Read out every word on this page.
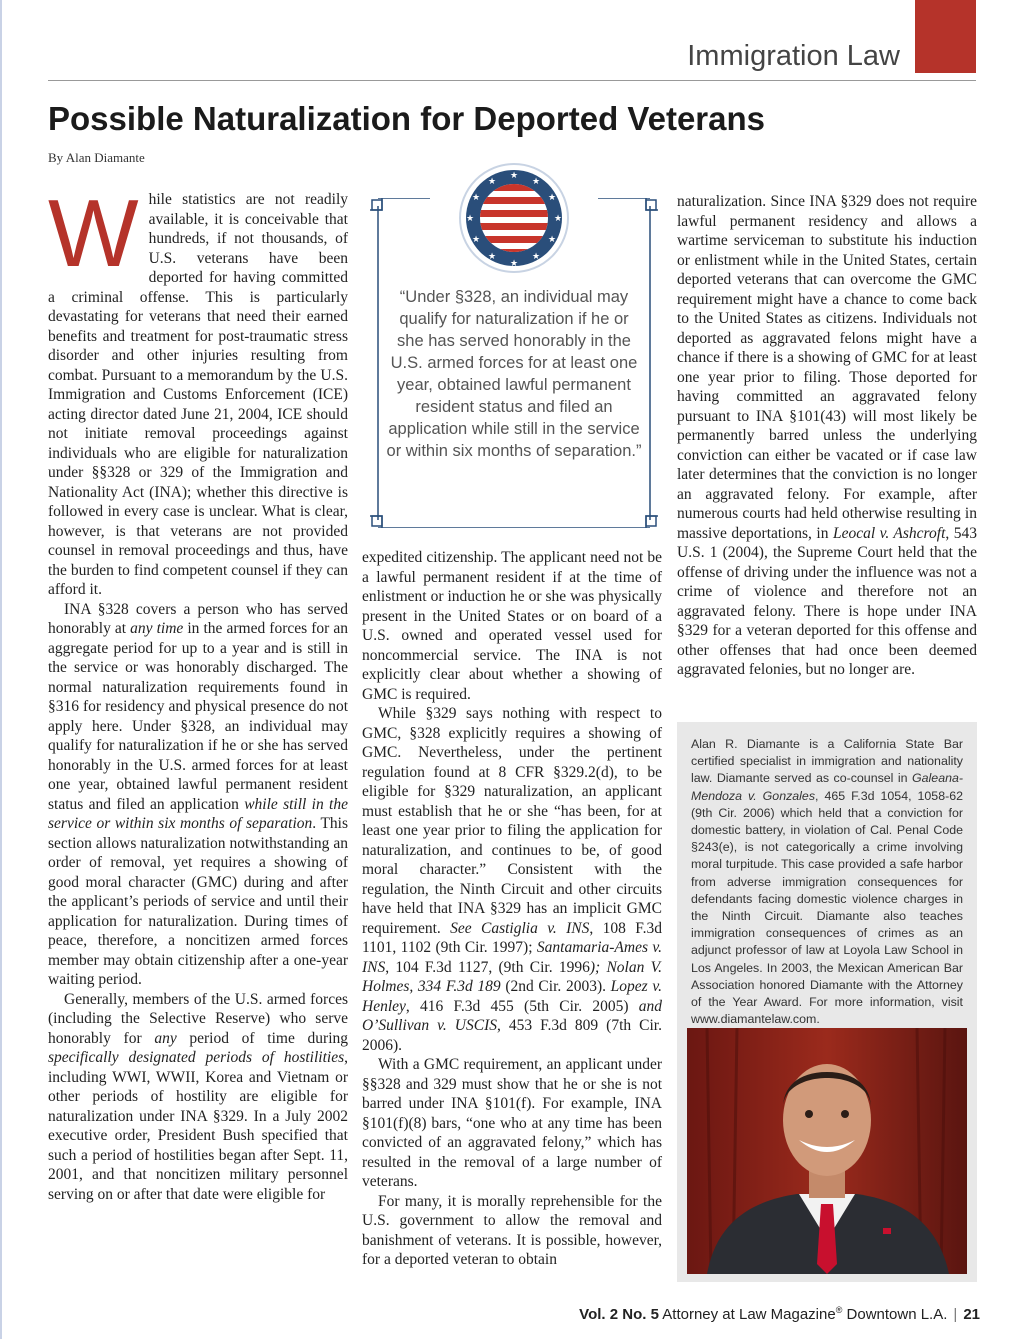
Immigration Law
Possible Naturalization for Deported Veterans
By Alan Diamante

While statistics are not readily available, it is conceivable that hundreds, if not thousands, of U.S. veterans have been deported for having committed a criminal offense. This is particularly devastating for veterans that need their earned benefits and treatment for post-traumatic stress disorder and other injuries resulting from combat. Pursuant to a memorandum by the U.S. Immigration and Customs Enforcement (ICE) acting director dated June 21, 2004, ICE should not initiate removal proceedings against individuals who are eligible for naturalization under §§328 or 329 of the Immigration and Nationality Act (INA); whether this directive is followed in every case is unclear. What is clear, however, is that veterans are not provided counsel in removal proceedings and thus, have the burden to find competent counsel if they can afford it.

INA §328 covers a person who has served honorably at any time in the armed forces for an aggregate period for up to a year and is still in the service or was honorably discharged. The normal naturalization requirements found in §316 for residency and physical presence do not apply here. Under §328, an individual may qualify for naturalization if he or she has served honorably in the U.S. armed forces for at least one year, obtained lawful permanent resident status and filed an application while still in the service or within six months of separation. This section allows naturalization notwithstanding an order of removal, yet requires a showing of good moral character (GMC) during and after the applicant’s periods of service and until their application for naturalization. During times of peace, therefore, a noncitizen armed forces member may obtain citizenship after a one-year waiting period.

Generally, members of the U.S. armed forces (including the Selective Reserve) who serve honorably for any period of time during specifically designated periods of hostilities, including WWI, WWII, Korea and Vietnam or other periods of hostility are eligible for naturalization under INA §329. In a July 2002 executive order, President Bush specified that such a period of hostilities began after Sept. 11, 2001, and that noncitizen military personnel serving on or after that date were eligible for

★
★
★
★
★
★
★
★
★
★
★
★
“Under §328, an individual may qualify for naturalization if he or she has served honorably in the U.S. armed forces for at least one year, obtained lawful permanent resident status and filed an application while still in the service or within six months of separation.”

expedited citizenship. The applicant need not be a lawful permanent resident if at the time of enlistment or induction he or she was physically present in the United States or on board of a U.S. owned and operated vessel used for noncommercial service. The INA is not explicitly clear about whether a showing of GMC is required.

While §329 says nothing with respect to GMC, §328 explicitly requires a showing of GMC. Nevertheless, under the pertinent regulation found at 8 CFR §329.2(d), to be eligible for §329 naturalization, an applicant must establish that he or she “has been, for at least one year prior to filing the application for naturalization, and continues to be, of good moral character.” Consistent with the regulation, the Ninth Circuit and other circuits have held that INA §329 has an implicit GMC requirement. See Castiglia v. INS, 108 F.3d 1101, 1102 (9th Cir. 1997); Santamaria-Ames v. INS, 104 F.3d 1127, (9th Cir. 1996); Nolan V. Holmes, 334 F.3d 189 (2nd Cir. 2003). Lopez v. Henley, 416 F.3d 455 (5th Cir. 2005) and O’Sullivan v. USCIS, 453 F.3d 809 (7th Cir. 2006).

With a GMC requirement, an applicant under §§328 and 329 must show that he or she is not barred under INA §101(f). For example, INA §101(f)(8) bars, “one who at any time has been convicted of an aggravated felony,” which has resulted in the removal of a large number of veterans.

For many, it is morally reprehensible for the U.S. government to allow the removal and banishment of veterans. It is possible, however, for a deported veteran to obtain

naturalization. Since INA §329 does not require lawful permanent residency and allows a wartime serviceman to substitute his induction or enlistment while in the United States, certain deported veterans that can overcome the GMC requirement might have a chance to come back to the United States as citizens. Individuals not deported as aggravated felons might have a chance if there is a showing of GMC for at least one year prior to filing. Those deported for having committed an aggravated felony pursuant to INA §101(43) will most likely be permanently barred unless the underlying conviction can either be vacated or if case law later determines that the conviction is no longer an aggravated felony. For example, after numerous courts had held otherwise resulting in massive deportations, in Leocal v. Ashcroft, 543 U.S. 1 (2004), the Supreme Court held that the offense of driving under the influence was not a crime of violence and therefore not an aggravated felony. There is hope under INA §329 for a veteran deported for this offense and other offenses that had once been deemed aggravated felonies, but no longer are.

Alan R. Diamante is a California State Bar certified specialist in immigration and nationality law. Diamante served as co-counsel in Galeana-Mendoza v. Gonzales, 465 F.3d 1054, 1058-62 (9th Cir. 2006) which held that a conviction for domestic battery, in violation of Cal. Penal Code §243(e), is not categorically a crime involving moral turpitude. This case provided a safe harbor from adverse immigration consequences for defendants facing domestic violence charges in the Ninth Circuit. Diamante also teaches immigration consequences of crimes as an adjunct professor of law at Loyola Law School in Los Angeles. In 2003, the Mexican American Bar Association honored Diamante with the Attorney of the Year Award. For more information, visit www.diamantelaw.com.
Vol. 2 No. 5 Attorney at Law Magazine® Downtown L.A. | 21
